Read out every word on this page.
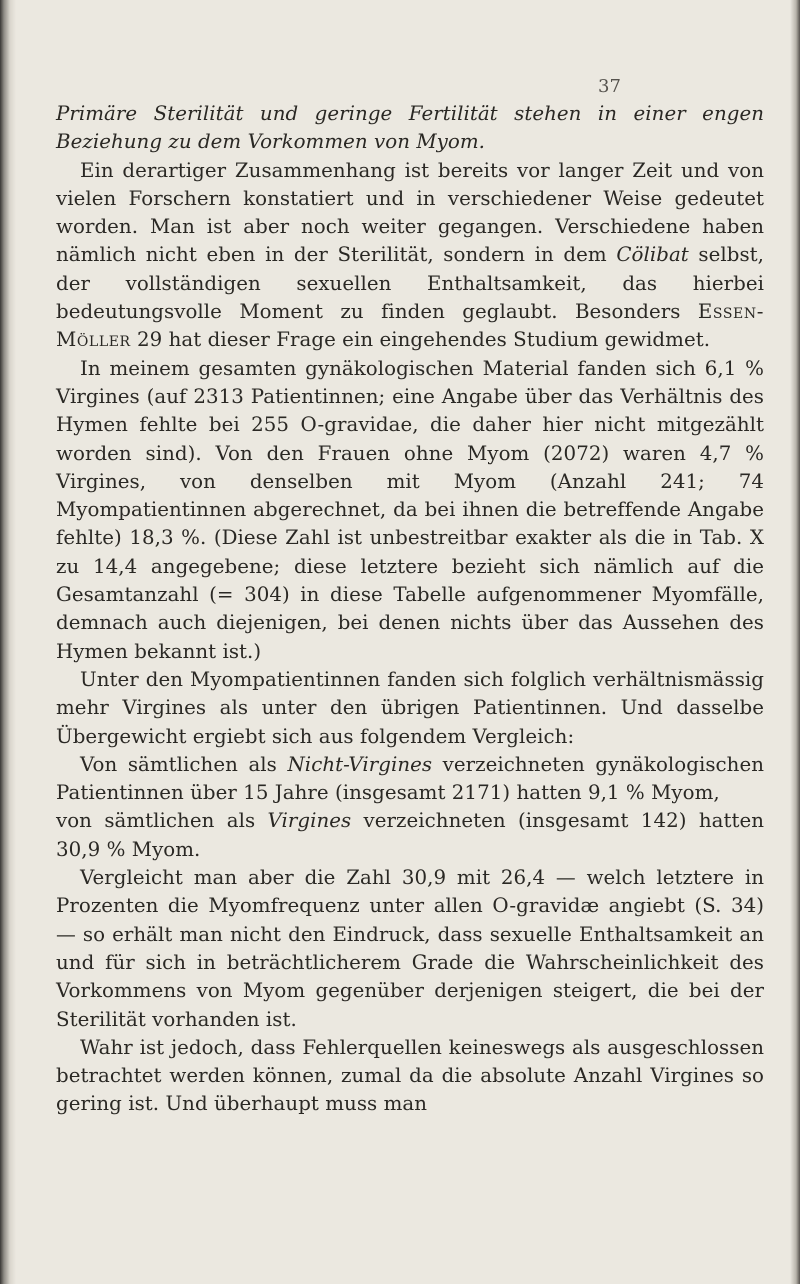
37

Primäre Sterilität und geringe Fertilität stehen in einer engen Beziehung zu dem Vorkommen von Myom.

Ein derartiger Zusammenhang ist bereits vor langer Zeit und von vielen Forschern konstatiert und in verschiedener Weise gedeutet worden. Man ist aber noch weiter gegangen. Verschiedene haben nämlich nicht eben in der Sterilität, sondern in dem Cölibat selbst, der vollständigen sexuellen Enthaltsamkeit, das hierbei bedeutungsvolle Moment zu finden geglaubt. Besonders Essen-Möller 29 hat dieser Frage ein eingehendes Studium gewidmet.

In meinem gesamten gynäkologischen Material fanden sich 6,1 % Virgines (auf 2313 Patientinnen; eine Angabe über das Verhältnis des Hymen fehlte bei 255 O-gravidae, die daher hier nicht mitgezählt worden sind). Von den Frauen ohne Myom (2072) waren 4,7 % Virgines, von denselben mit Myom (Anzahl 241; 74 Myompatientinnen abgerechnet, da bei ihnen die betreffende Angabe fehlte) 18,3 %. (Diese Zahl ist unbestreitbar exakter als die in Tab. X zu 14,4 angegebene; diese letztere bezieht sich nämlich auf die Gesamtanzahl (= 304) in diese Tabelle aufgenommener Myomfälle, demnach auch diejenigen, bei denen nichts über das Aussehen des Hymen bekannt ist.)

Unter den Myompatientinnen fanden sich folglich verhältnismässig mehr Virgines als unter den übrigen Patientinnen. Und dasselbe Übergewicht ergiebt sich aus folgendem Vergleich:

Von sämtlichen als Nicht-Virgines verzeichneten gynäkologischen Patientinnen über 15 Jahre (insgesamt 2171) hatten 9,1 % Myom,

von sämtlichen als Virgines verzeichneten (insgesamt 142) hatten 30,9 % Myom.

Vergleicht man aber die Zahl 30,9 mit 26,4 — welch letztere in Prozenten die Myomfrequenz unter allen O-gravidæ angiebt (S. 34) — so erhält man nicht den Eindruck, dass sexuelle Enthaltsamkeit an und für sich in beträchtlicherem Grade die Wahrscheinlichkeit des Vorkommens von Myom gegenüber derjenigen steigert, die bei der Sterilität vorhanden ist.

Wahr ist jedoch, dass Fehlerquellen keineswegs als ausgeschlossen betrachtet werden können, zumal da die absolute Anzahl Virgines so gering ist. Und überhaupt muss man
